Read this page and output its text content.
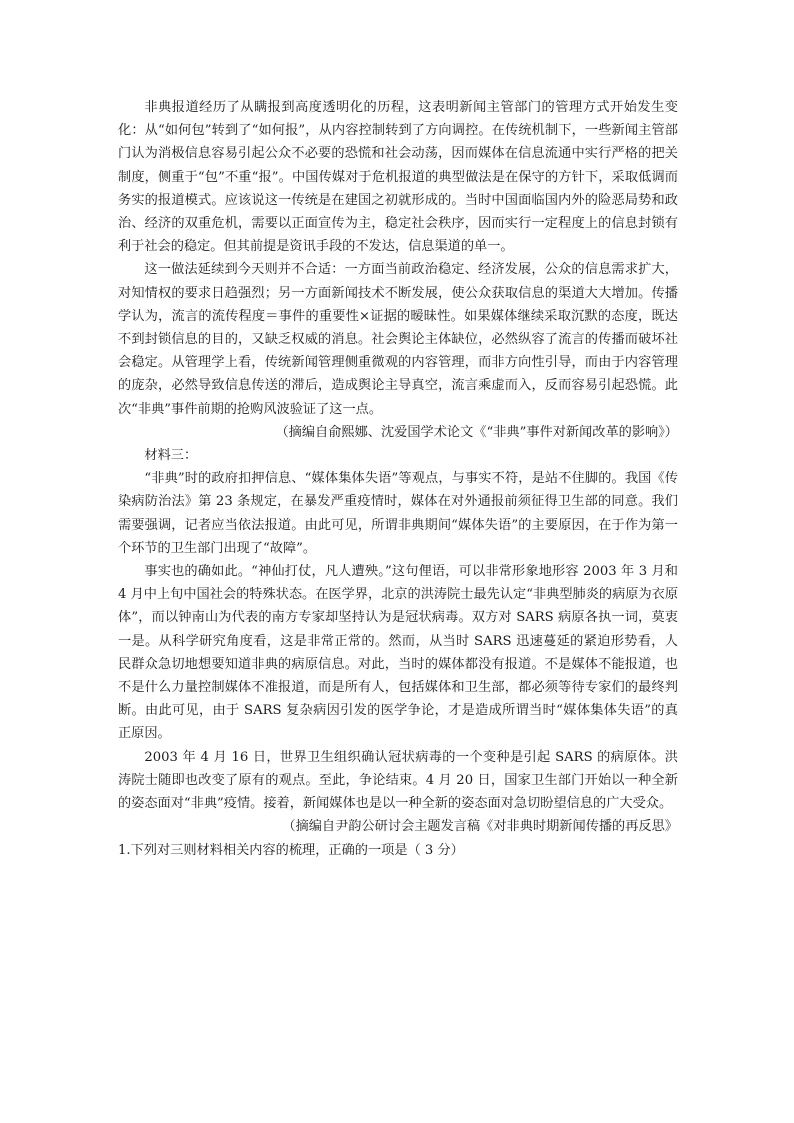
非典报道经历了从瞒报到高度透明化的历程，这表明新闻主管部门的管理方式开始发生变化：从“如何包”转到了“如何报”，从内容控制转到了方向调控。在传统机制下，一些新闻主管部门认为消极信息容易引起公众不必要的恐慌和社会动荡，因而媒体在信息流通中实行严格的把关制度，侧重于“包”不重“报”。中国传媒对于危机报道的典型做法是在保守的方针下，采取低调而务实的报道模式。应该说这一传统是在建国之初就形成的。当时中国面临国内外的险恶局势和政治、经济的双重危机，需要以正面宣传为主，稳定社会秩序，因而实行一定程度上的信息封锁有利于社会的稳定。但其前提是资讯手段的不发达，信息渠道的单一。

这一做法延续到今天则并不合适：一方面当前政治稳定、经济发展，公众的信息需求扩大，对知情权的要求日趋强烈；另一方面新闻技术不断发展，使公众获取信息的渠道大大增加。传播学认为，流言的流传程度＝事件的重要性×证据的暧昧性。如果媒体继续采取沉默的态度，既达不到封锁信息的目的，又缺乏权威的消息。社会舆论主体缺位，必然纵容了流言的传播而破坏社会稳定。从管理学上看，传统新闻管理侧重微观的内容管理，而非方向性引导，而由于内容管理的庞杂，必然导致信息传送的滞后，造成舆论主导真空，流言乘虚而入，反而容易引起恐慌。此次“非典”事件前期的抢购风波验证了这一点。

（摘编自俞熙娜、沈爱国学术论文《“非典”事件对新闻改革的影响》）

材料三：

“非典”时的政府扣押信息、“媒体集体失语”等观点，与事实不符，是站不住脚的。我国《传染病防治法》第 23 条规定，在暴发严重疫情时，媒体在对外通报前须征得卫生部的同意。我们需要强调，记者应当依法报道。由此可见，所谓非典期间“媒体失语”的主要原因，在于作为第一个环节的卫生部门出现了“故障”。

事实也的确如此。“神仙打仗，凡人遭殃。”这句俚语，可以非常形象地形容 2003 年 3 月和 4 月中上旬中国社会的特殊状态。在医学界，北京的洪涛院士最先认定“非典型肺炎的病原为衣原体”，而以钟南山为代表的南方专家却坚持认为是冠状病毒。双方对 SARS 病原各执一词，莫衷一是。从科学研究角度看，这是非常正常的。然而，从当时 SARS 迅速蔓延的紧迫形势看，人民群众急切地想要知道非典的病原信息。对此，当时的媒体都没有报道。不是媒体不能报道，也不是什么力量控制媒体不准报道，而是所有人，包括媒体和卫生部，都必须等待专家们的最终判断。由此可见，由于 SARS 复杂病因引发的医学争论，才是造成所谓当时“媒体集体失语”的真正原因。

2003 年 4 月 16 日，世界卫生组织确认冠状病毒的一个变种是引起 SARS 的病原体。洪涛院士随即也改变了原有的观点。至此，争论结束。4 月 20 日，国家卫生部门开始以一种全新的姿态面对“非典”疫情。接着，新闻媒体也是以一种全新的姿态面对急切盼望信息的广大受众。

（摘编自尹韵公研讨会主题发言稿《对非典时期新闻传播的再反思》

1.下列对三则材料相关内容的梳理，正确的一项是（ 3 分）
